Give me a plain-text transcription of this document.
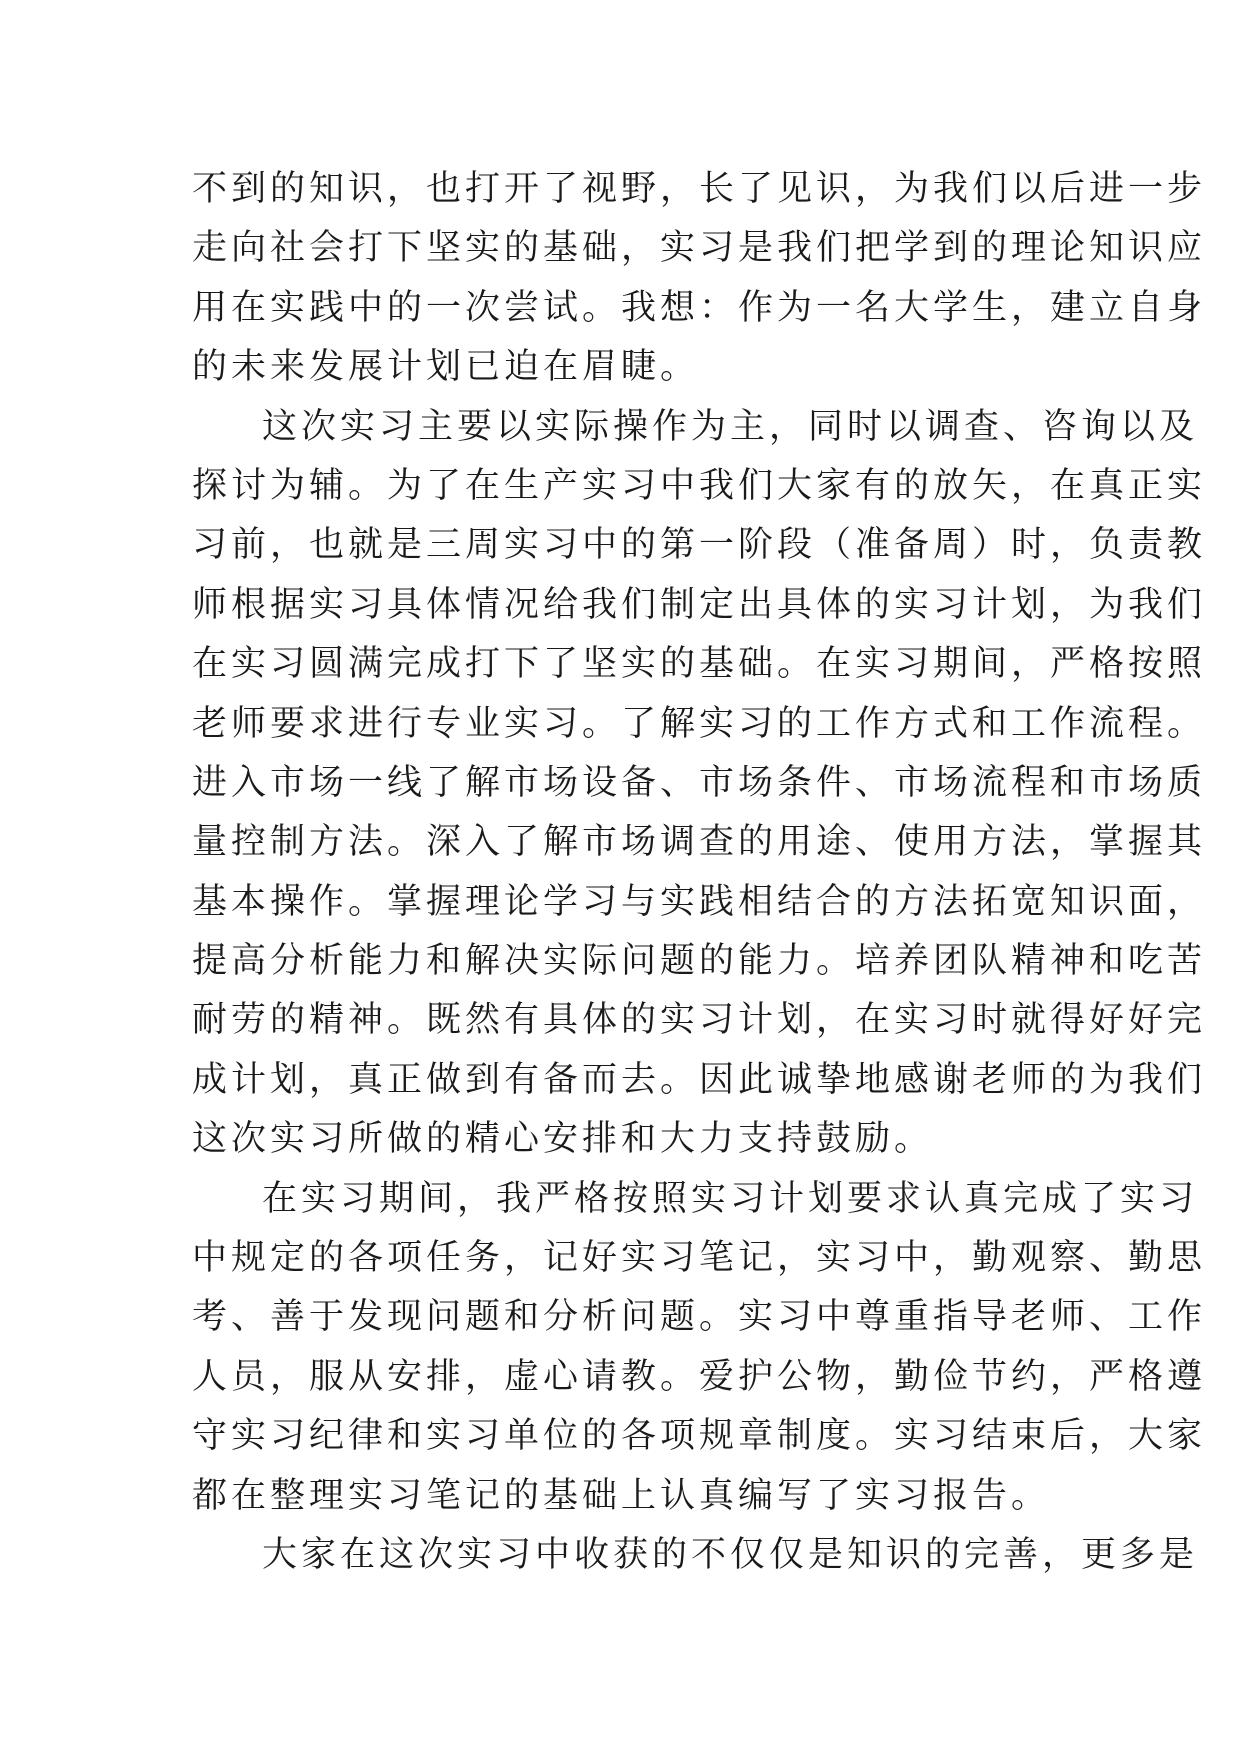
不到的知识，也打开了视野，长了见识，为我们以后进一步
走向社会打下坚实的基础，实习是我们把学到的理论知识应
用在实践中的一次尝试。我想：作为一名大学生，建立自身
的未来发展计划已迫在眉睫。
这次实习主要以实际操作为主，同时以调查、咨询以及
探讨为辅。为了在生产实习中我们大家有的放矢，在真正实
习前，也就是三周实习中的第一阶段（准备周）时，负责教
师根据实习具体情况给我们制定出具体的实习计划，为我们
在实习圆满完成打下了坚实的基础。在实习期间，严格按照
老师要求进行专业实习。了解实习的工作方式和工作流程。
进入市场一线了解市场设备、市场条件、市场流程和市场质
量控制方法。深入了解市场调查的用途、使用方法，掌握其
基本操作。掌握理论学习与实践相结合的方法拓宽知识面，
提高分析能力和解决实际问题的能力。培养团队精神和吃苦
耐劳的精神。既然有具体的实习计划，在实习时就得好好完
成计划，真正做到有备而去。因此诚挚地感谢老师的为我们
这次实习所做的精心安排和大力支持鼓励。
在实习期间，我严格按照实习计划要求认真完成了实习
中规定的各项任务，记好实习笔记，实习中，勤观察、勤思
考、善于发现问题和分析问题。实习中尊重指导老师、工作
人员，服从安排，虚心请教。爱护公物，勤俭节约，严格遵
守实习纪律和实习单位的各项规章制度。实习结束后，大家
都在整理实习笔记的基础上认真编写了实习报告。
大家在这次实习中收获的不仅仅是知识的完善，更多是
